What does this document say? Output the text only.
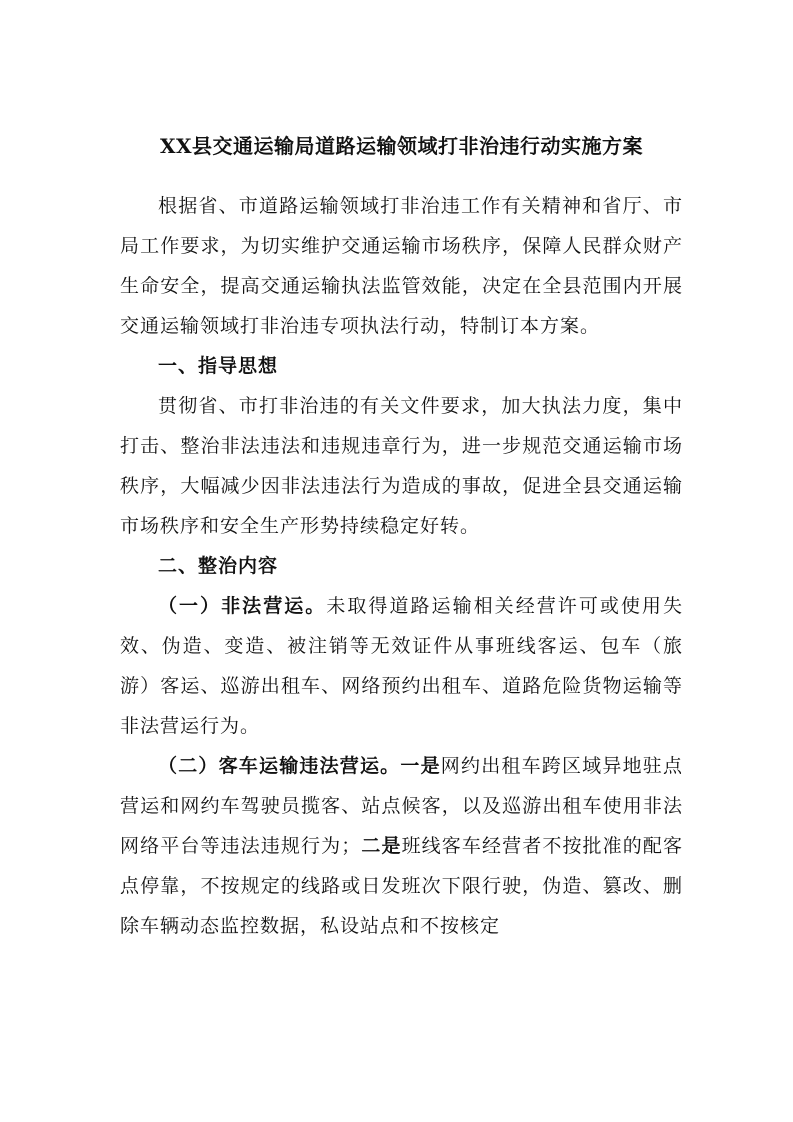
XX县交通运输局道路运输领域打非治违行动实施方案

根据省、市道路运输领域打非治违工作有关精神和省厅、市局工作要求，为切实维护交通运输市场秩序，保障人民群众财产生命安全，提高交通运输执法监管效能，决定在全县范围内开展交通运输领域打非治违专项执法行动，特制订本方案。

一、指导思想

贯彻省、市打非治违的有关文件要求，加大执法力度，集中打击、整治非法违法和违规违章行为，进一步规范交通运输市场秩序，大幅减少因非法违法行为造成的事故，促进全县交通运输市场秩序和安全生产形势持续稳定好转。

二、整治内容

（一）非法营运。未取得道路运输相关经营许可或使用失效、伪造、变造、被注销等无效证件从事班线客运、包车（旅游）客运、巡游出租车、网络预约出租车、道路危险货物运输等非法营运行为。

（二）客车运输违法营运。一是网约出租车跨区域异地驻点营运和网约车驾驶员揽客、站点候客，以及巡游出租车使用非法网络平台等违法违规行为；二是班线客车经营者不按批准的配客点停靠，不按规定的线路或日发班次下限行驶，伪造、篡改、删除车辆动态监控数据，私设站点和不按核定
